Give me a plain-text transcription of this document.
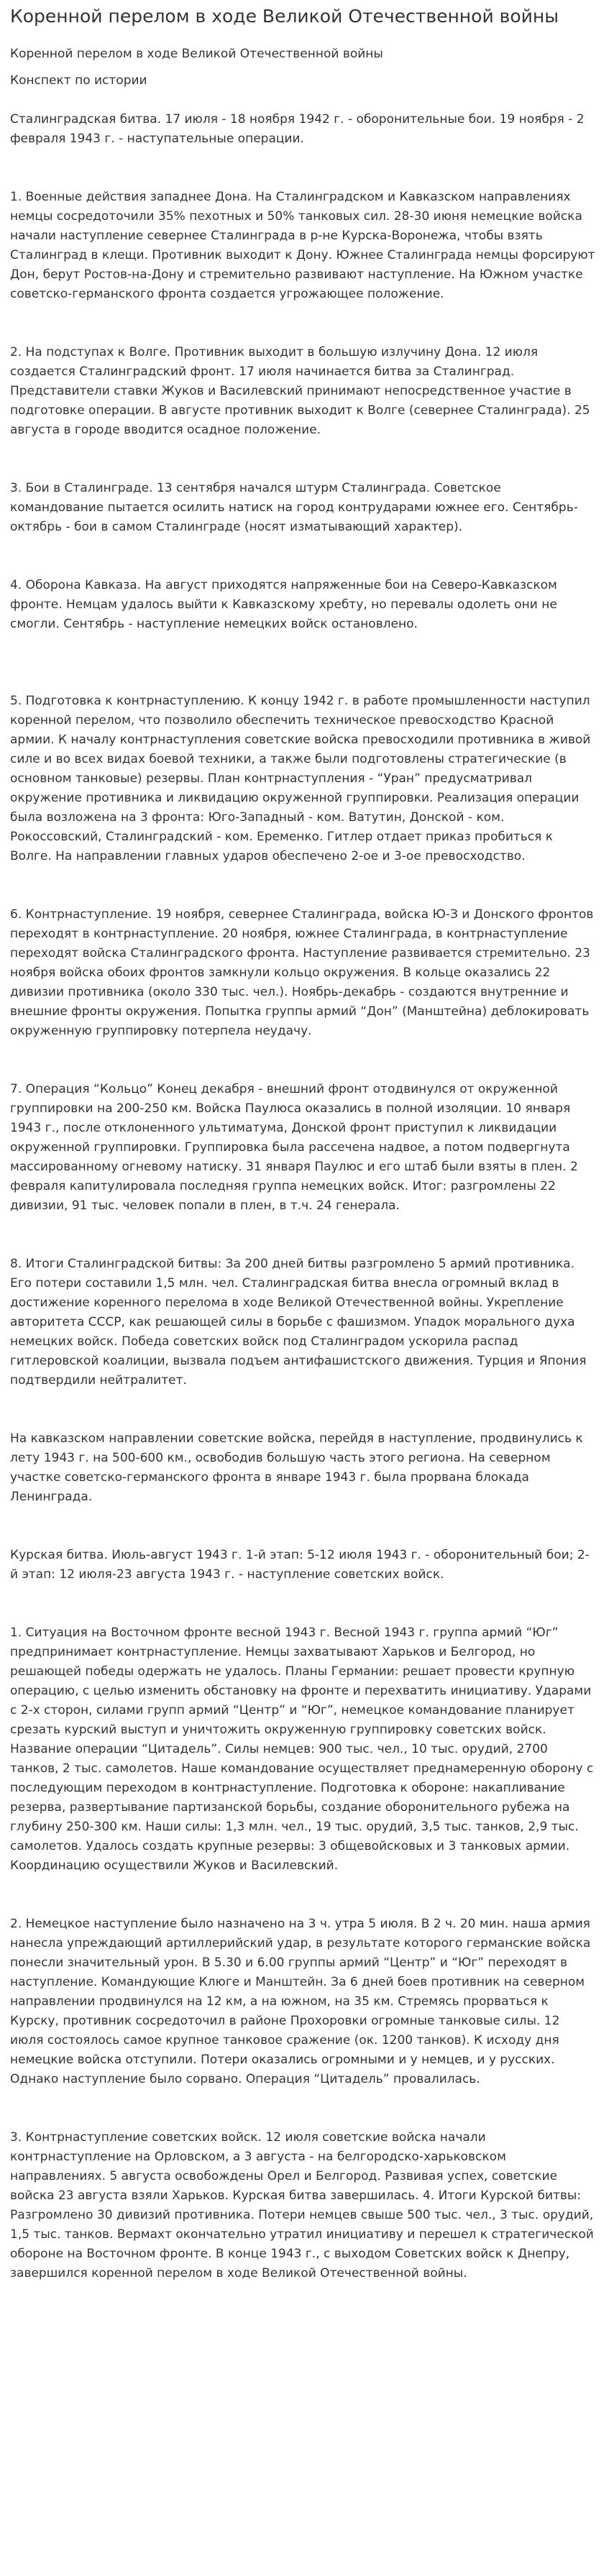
Коренной перелом в ходе Великой Отечественной войны

Коренной перелом в ходе Великой Отечественной войны

Конспект по истории

Сталинградская битва. 17 июля - 18 ноября 1942 г. - оборонительные бои. 19 ноября - 2 февраля 1943 г. - наступательные операции.

1. Военные действия западнее Дона. На Сталинградском и Кавказском направлениях немцы сосредоточили 35% пехотных и 50% танковых сил. 28-30 июня немецкие войска начали наступление севернее Сталинграда в р-не Курска-Воронежа, чтобы взять Сталинград в клещи. Противник выходит к Дону. Южнее Сталинграда немцы форсируют Дон, берут Ростов-на-Дону и стремительно развивают наступление. На Южном участке советско-германского фронта создается угрожающее положение.

2. На подступах к Волге. Противник выходит в большую излучину Дона. 12 июля создается Сталинградский фронт. 17 июля начинается битва за Сталинград. Представители ставки Жуков и Василевский принимают непосредственное участие в подготовке операции. В августе противник выходит к Волге (севернее Сталинграда). 25 августа в городе вводится осадное положение.

3. Бои в Сталинграде. 13 сентября начался штурм Сталинграда. Советское командование пытается осилить натиск на город контрударами южнее его. Сентябрь-октябрь - бои в самом Сталинграде (носят изматывающий характер).

4. Оборона Кавказа. На август приходятся напряженные бои на Северо-Кавказском фронте. Немцам удалось выйти к Кавказскому хребту, но перевалы одолеть они не смогли. Сентябрь - наступление немецких войск остановлено.

5. Подготовка к контрнаступлению. К концу 1942 г. в работе промышленности наступил коренной перелом, что позволило обеспечить техническое превосходство Красной армии. К началу контрнаступления советские войска превосходили противника в живой силе и во всех видах боевой техники, а также были подготовлены стратегические (в основном танковые) резервы. План контрнаступления - “Уран” предусматривал окружение противника и ликвидацию окруженной группировки. Реализация операции была возложена на 3 фронта: Юго-Западный - ком. Ватутин, Донской - ком. Рокоссовский, Сталинградский - ком. Еременко. Гитлер отдает приказ пробиться к Волге. На направлении главных ударов обеспечено 2-ое и 3-ое превосходство.

6. Контрнаступление. 19 ноября, севернее Сталинграда, войска Ю-З и Донского фронтов переходят в контрнаступление. 20 ноября, южнее Сталинграда, в контрнаступление переходят войска Сталинградского фронта. Наступление развивается стремительно. 23 ноября войска обоих фронтов замкнули кольцо окружения. В кольце оказались 22 дивизии противника (около 330 тыс. чел.). Ноябрь-декабрь - создаются внутренние и внешние фронты окружения. Попытка группы армий “Дон” (Манштейна) деблокировать окруженную группировку потерпела неудачу.

7. Операция “Кольцо” Конец декабря - внешний фронт отодвинулся от окруженной группировки на 200-250 км. Войска Паулюса оказались в полной изоляции. 10 января 1943 г., после отклоненного ультиматума, Донской фронт приступил к ликвидации окруженной группировки. Группировка была рассечена надвое, а потом подвергнута массированному огневому натиску. 31 января Паулюс и его штаб были взяты в плен. 2 февраля капитулировала последняя группа немецких войск. Итог: разгромлены 22 дивизии, 91 тыс. человек попали в плен, в т.ч. 24 генерала.

8. Итоги Сталинградской битвы: За 200 дней битвы разгромлено 5 армий противника. Его потери составили 1,5 млн. чел. Сталинградская битва внесла огромный вклад в достижение коренного перелома в ходе Великой Отечественной войны. Укрепление авторитета СССР, как решающей силы в борьбе с фашизмом. Упадок морального духа немецких войск. Победа советских войск под Сталинградом ускорила распад гитлеровской коалиции, вызвала подъем антифашистского движения. Турция и Япония подтвердили нейтралитет.

На кавказском направлении советские войска, перейдя в наступление, продвинулись к лету 1943 г. на 500-600 км., освободив большую часть этого региона. На северном участке советско-германского фронта в январе 1943 г. была прорвана блокада Ленинграда.

Курская битва. Июль-август 1943 г. 1-й этап: 5-12 июля 1943 г. - оборонительный бои; 2-й этап: 12 июля-23 августа 1943 г. - наступление советских войск.

1. Ситуация на Восточном фронте весной 1943 г. Весной 1943 г. группа армий “Юг” предпринимает контрнаступление. Немцы захватывают Харьков и Белгород, но решающей победы одержать не удалось. Планы Германии: решает провести крупную операцию, с целью изменить обстановку на фронте и перехватить инициативу. Ударами с 2-х сторон, силами групп армий “Центр” и “Юг”, немецкое командование планирует срезать курский выступ и уничтожить окруженную группировку советских войск. Название операции “Цитадель”. Силы немцев: 900 тыс. чел., 10 тыс. орудий, 2700 танков, 2 тыс. самолетов. Наше командование осуществляет преднамеренную оборону с последующим переходом в контрнаступление. Подготовка к обороне: накапливание резерва, развертывание партизанской борьбы, создание оборонительного рубежа на глубину 250-300 км. Наши силы: 1,3 млн. чел., 19 тыс. орудий, 3,5 тыс. танков, 2,9 тыс. самолетов. Удалось создать крупные резервы: 3 общевойсковых и 3 танковых армии. Координацию осуществили Жуков и Василевский.

2. Немецкое наступление было назначено на 3 ч. утра 5 июля. В 2 ч. 20 мин. наша армия нанесла упреждающий артиллерийский удар, в результате которого германские войска понесли значительный урон. В 5.30 и 6.00 группы армий “Центр” и “Юг” переходят в наступление. Командующие Клюге и Манштейн. За 6 дней боев противник на северном направлении продвинулся на 12 км, а на южном, на 35 км. Стремясь прорваться к Курску, противник сосредоточил в районе Прохоровки огромные танковые силы. 12 июля состоялось самое крупное танковое сражение (ок. 1200 танков). К исходу дня немецкие войска отступили. Потери оказались огромными и у немцев, и у русских. Однако наступление было сорвано. Операция “Цитадель” провалилась.

3. Контрнаступление советских войск. 12 июля советские войска начали контрнаступление на Орловском, а 3 августа - на белгородско-харьковском направлениях. 5 августа освобождены Орел и Белгород. Развивая успех, советские войска 23 августа взяли Харьков. Курская битва завершилась. 4. Итоги Курской битвы: Разгромлено 30 дивизий противника. Потери немцев свыше 500 тыс. чел., 3 тыс. орудий, 1,5 тыс. танков. Вермахт окончательно утратил инициативу и перешел к стратегической обороне на Восточном фронте. В конце 1943 г., с выходом Советских войск к Днепру, завершился коренной перелом в ходе Великой Отечественной войны.
